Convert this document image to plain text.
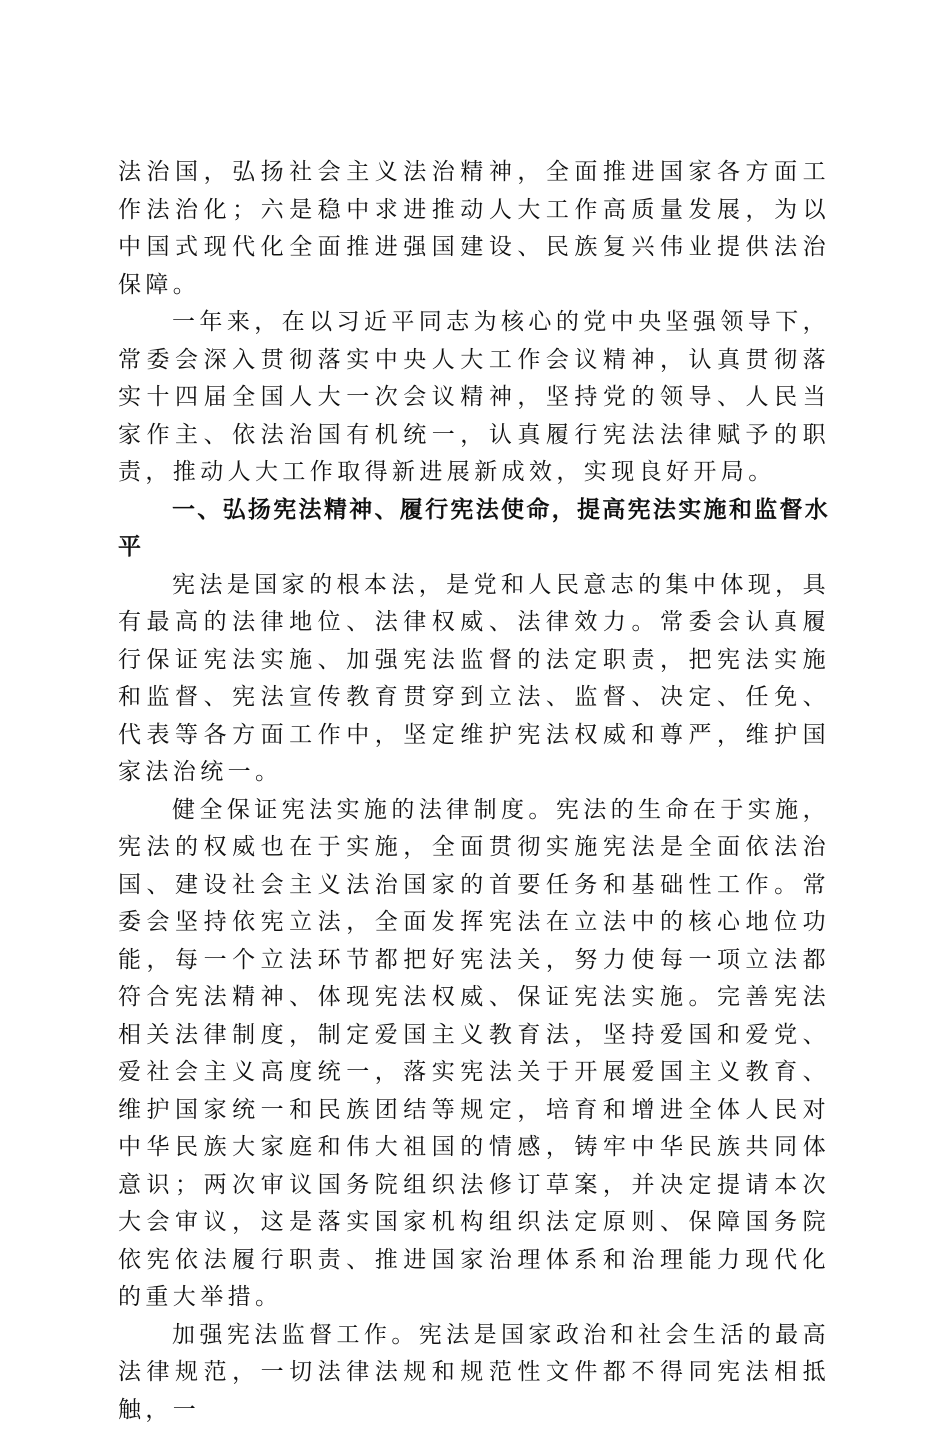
法治国，弘扬社会主义法治精神，全面推进国家各方面工作法治化；六是稳中求进推动人大工作高质量发展，为以中国式现代化全面推进强国建设、民族复兴伟业提供法治保障。

一年来，在以习近平同志为核心的党中央坚强领导下，常委会深入贯彻落实中央人大工作会议精神，认真贯彻落实十四届全国人大一次会议精神，坚持党的领导、人民当家作主、依法治国有机统一，认真履行宪法法律赋予的职责，推动人大工作取得新进展新成效，实现良好开局。

一、弘扬宪法精神、履行宪法使命，提高宪法实施和监督水平

宪法是国家的根本法，是党和人民意志的集中体现，具有最高的法律地位、法律权威、法律效力。常委会认真履行保证宪法实施、加强宪法监督的法定职责，把宪法实施和监督、宪法宣传教育贯穿到立法、监督、决定、任免、代表等各方面工作中，坚定维护宪法权威和尊严，维护国家法治统一。

健全保证宪法实施的法律制度。宪法的生命在于实施，宪法的权威也在于实施，全面贯彻实施宪法是全面依法治国、建设社会主义法治国家的首要任务和基础性工作。常委会坚持依宪立法，全面发挥宪法在立法中的核心地位功能，每一个立法环节都把好宪法关，努力使每一项立法都符合宪法精神、体现宪法权威、保证宪法实施。完善宪法相关法律制度，制定爱国主义教育法，坚持爱国和爱党、爱社会主义高度统一，落实宪法关于开展爱国主义教育、维护国家统一和民族团结等规定，培育和增进全体人民对中华民族大家庭和伟大祖国的情感，铸牢中华民族共同体意识；两次审议国务院组织法修订草案，并决定提请本次大会审议，这是落实国家机构组织法定原则、保障国务院依宪依法履行职责、推进国家治理体系和治理能力现代化的重大举措。

加强宪法监督工作。宪法是国家政治和社会生活的最高法律规范，一切法律法规和规范性文件都不得同宪法相抵触，一
